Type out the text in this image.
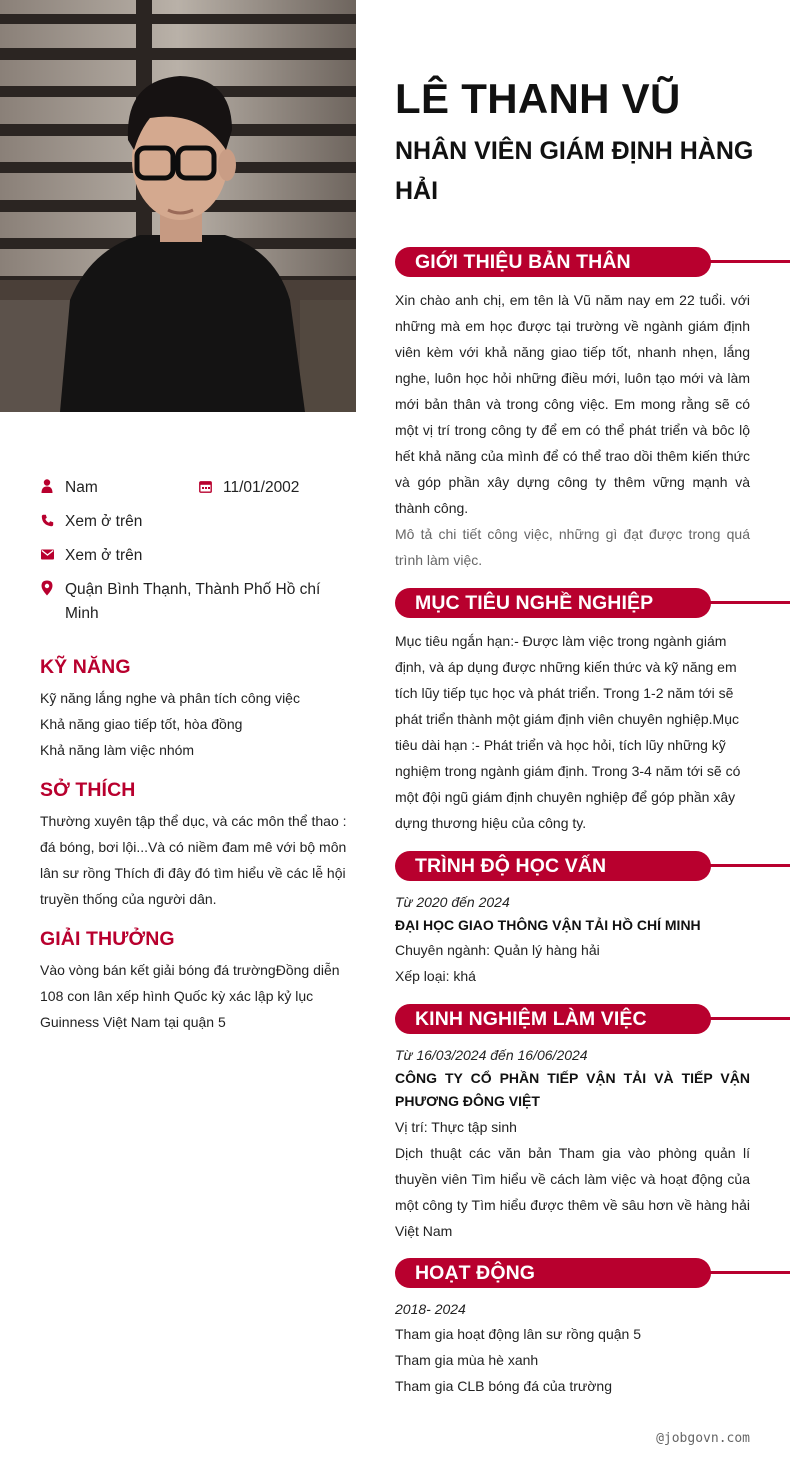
Nam	11/01/2002
Xem ở trên
Xem ở trên
Quận Bình Thạnh, Thành Phố Hồ chí Minh
KỸ NĂNG
Kỹ năng lắng nghe và phân tích công việc
Khả năng giao tiếp tốt, hòa đồng
Khả năng làm việc nhóm
SỞ THÍCH
Thường xuyên tập thể dục, và các môn thể thao : đá bóng, bơi lội...Và có niềm đam mê với bộ môn lân sư rồng Thích đi đây đó tìm hiểu về các lễ hội truyền thống của người dân.
GIẢI THƯỞNG
Vào vòng bán kết giải bóng đá trườngĐồng diễn 108 con lân xếp hình Quốc kỳ xác lập kỷ lục Guinness Việt Nam tại quận 5
LÊ THANH VŨ
NHÂN VIÊN GIÁM ĐỊNH HÀNG HẢI
GIỚI THIỆU BẢN THÂN
Xin chào anh chị, em tên là Vũ năm nay em 22 tuổi. với những mà em học được tại trường về ngành giám định viên kèm với khả năng giao tiếp tốt, nhanh nhẹn, lắng nghe, luôn học hỏi những điều mới, luôn tạo mới và làm mới bản thân và trong công việc. Em mong rằng sẽ có một vị trí trong công ty để em có thể phát triển và bôc lộ hết khả năng của mình để có thể trao dồi thêm kiến thức và góp phần xây dựng công ty thêm vững mạnh và thành công.
Mô tả chi tiết công việc, những gì đạt được trong quá trình làm việc.
MỤC TIÊU NGHỀ NGHIỆP
Mục tiêu ngắn hạn:- Được làm việc trong ngành giám định, và áp dụng được những kiến thức và kỹ năng em tích lũy tiếp tục học và phát triển. Trong 1-2 năm tới sẽ phát triển thành một giám định viên chuyên nghiệp.Mục tiêu dài hạn :- Phát triển và học hỏi, tích lũy những kỹ nghiệm trong ngành giám định. Trong 3-4 năm tới sẽ có một đội ngũ giám định chuyên nghiệp để góp phần xây dựng thương hiệu của công ty.
TRÌNH ĐỘ HỌC VẤN
Từ 2020 đến 2024
ĐẠI HỌC GIAO THÔNG VẬN TẢI HỒ CHÍ MINH
Chuyên ngành: Quản lý hàng hải
Xếp loại: khá
KINH NGHIỆM LÀM VIỆC
Từ 16/03/2024 đến 16/06/2024
CÔNG TY CỔ PHẦN TIẾP VẬN TẢI VÀ TIẾP VẬN PHƯƠNG ĐÔNG VIỆT
Vị trí: Thực tập sinh
Dịch thuật các văn bản Tham gia vào phòng quản lí thuyền viên Tìm hiểu về cách làm việc và hoạt động của một công ty Tìm hiểu được thêm về sâu hơn về hàng hải Việt Nam
HOẠT ĐỘNG
2018- 2024
Tham gia hoạt động lân sư rồng quận 5
Tham gia mùa hè xanh
Tham gia CLB bóng đá của trường
@jobgovn.com
